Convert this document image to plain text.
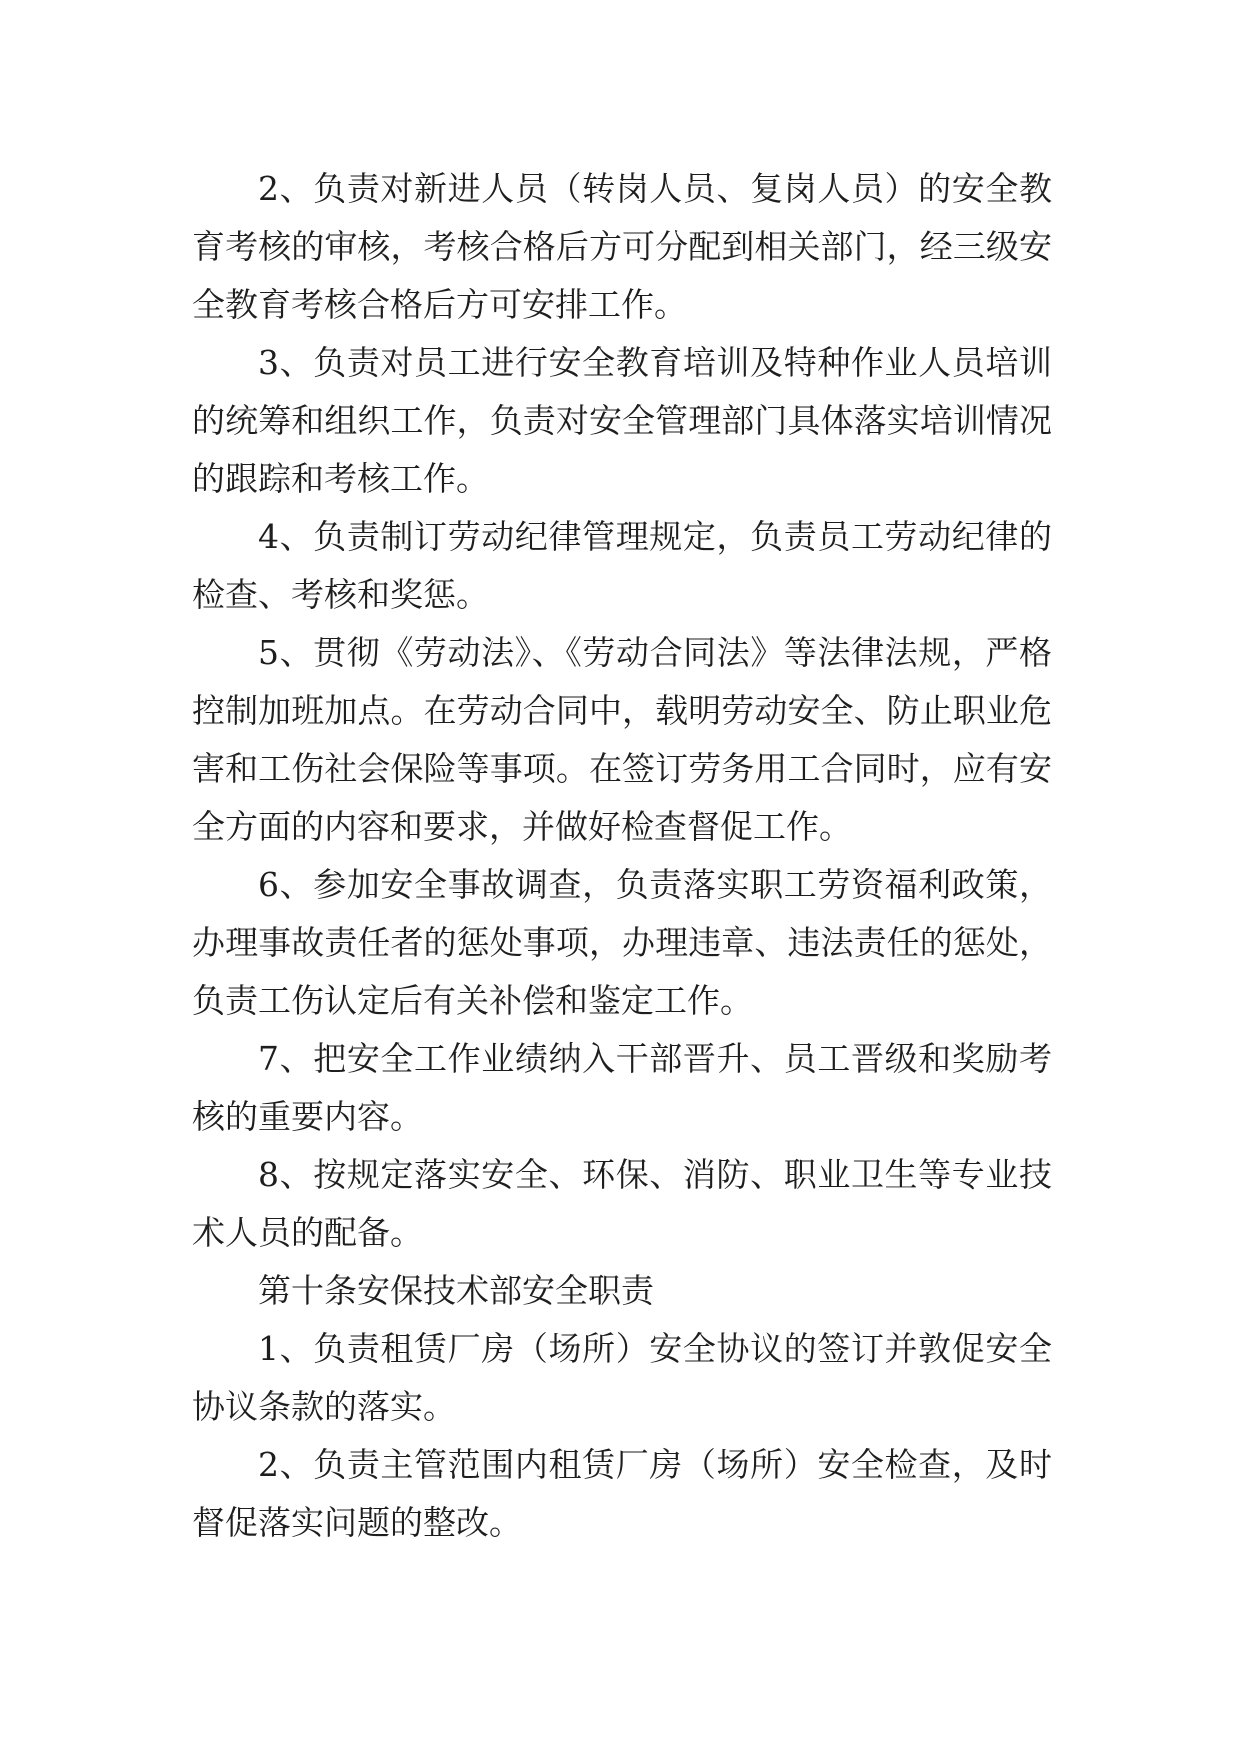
2、负责对新进人员（转岗人员、复岗人员）的安全教育考核的审核，考核合格后方可分配到相关部门，经三级安全教育考核合格后方可安排工作。

3、负责对员工进行安全教育培训及特种作业人员培训的统筹和组织工作，负责对安全管理部门具体落实培训情况的跟踪和考核工作。

4、负责制订劳动纪律管理规定，负责员工劳动纪律的检查、考核和奖惩。

5、贯彻《劳动法》、《劳动合同法》等法律法规，严格控制加班加点。在劳动合同中，载明劳动安全、防止职业危害和工伤社会保险等事项。在签订劳务用工合同时，应有安全方面的内容和要求，并做好检查督促工作。

6、参加安全事故调查，负责落实职工劳资福利政策，办理事故责任者的惩处事项，办理违章、违法责任的惩处，负责工伤认定后有关补偿和鉴定工作。

7、把安全工作业绩纳入干部晋升、员工晋级和奖励考核的重要内容。

8、按规定落实安全、环保、消防、职业卫生等专业技术人员的配备。

第十条安保技术部安全职责

1、负责租赁厂房（场所）安全协议的签订并敦促安全协议条款的落实。

2、负责主管范围内租赁厂房（场所）安全检查，及时督促落实问题的整改。
